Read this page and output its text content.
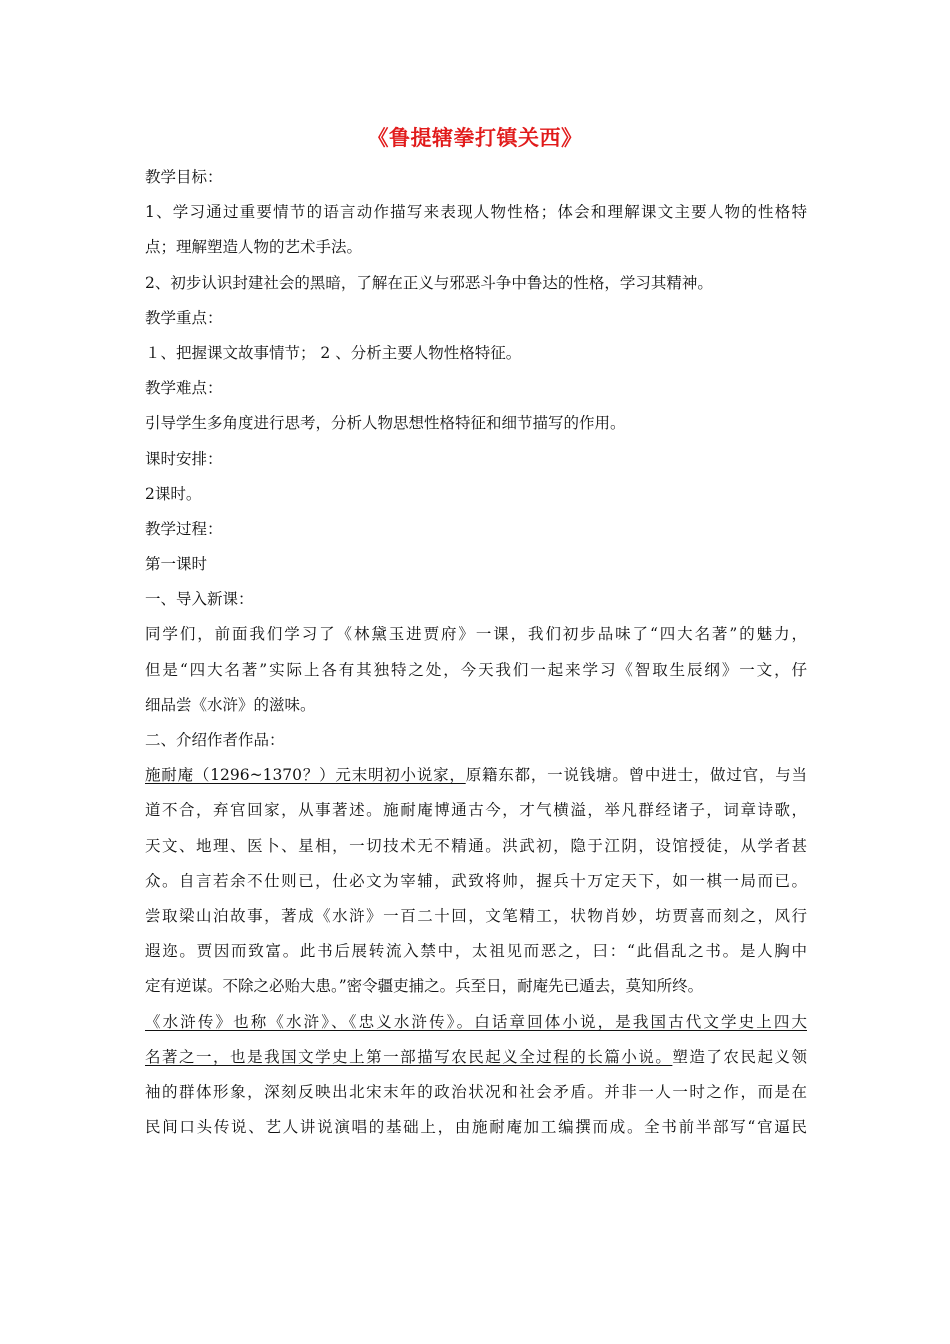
《鲁提辖拳打镇关西》
教学目标：
1、学习通过重要情节的语言动作描写来表现人物性格；体会和理解课文主要人物的性格特
点；理解塑造人物的艺术手法。
2、初步认识封建社会的黑暗，了解在正义与邪恶斗争中鲁达的性格，学习其精神。
教学重点：
１、把握课文故事情节； 2 、分析主要人物性格特征。
教学难点：
引导学生多角度进行思考，分析人物思想性格特征和细节描写的作用。
课时安排：
2课时。
教学过程：
第一课时
一、导入新课：
同学们，前面我们学习了《林黛玉进贾府》一课，我们初步品味了“四大名著”的魅力，
但是“四大名著”实际上各有其独特之处，今天我们一起来学习《智取生辰纲》一文，仔
细品尝《水浒》的滋味。
二、介绍作者作品：
施耐庵（1296~1370？）元末明初小说家，原籍东都，一说钱塘。曾中进士，做过官，与当
道不合，弃官回家，从事著述。施耐庵博通古今，才气横溢，举凡群经诸子，词章诗歌，
天文、地理、医卜、星相，一切技术无不精通。洪武初，隐于江阴，设馆授徒，从学者甚
众。自言若余不仕则已，仕必文为宰辅，武致将帅，握兵十万定天下，如一棋一局而已。
尝取梁山泊故事，著成《水浒》一百二十回，文笔精工，状物肖妙，坊贾喜而刻之，风行
遐迩。贾因而致富。此书后展转流入禁中，太祖见而恶之，曰：“此倡乱之书。是人胸中
定有逆谋。不除之必贻大患。”密令疆吏捕之。兵至日，耐庵先已遁去，莫知所终。
《水浒传》也称《水浒》、《忠义水浒传》。白话章回体小说，是我国古代文学史上四大
名著之一，也是我国文学史上第一部描写农民起义全过程的长篇小说。塑造了农民起义领
袖的群体形象，深刻反映出北宋末年的政治状况和社会矛盾。并非一人一时之作，而是在
民间口头传说、艺人讲说演唱的基础上，由施耐庵加工编撰而成。全书前半部写“官逼民
